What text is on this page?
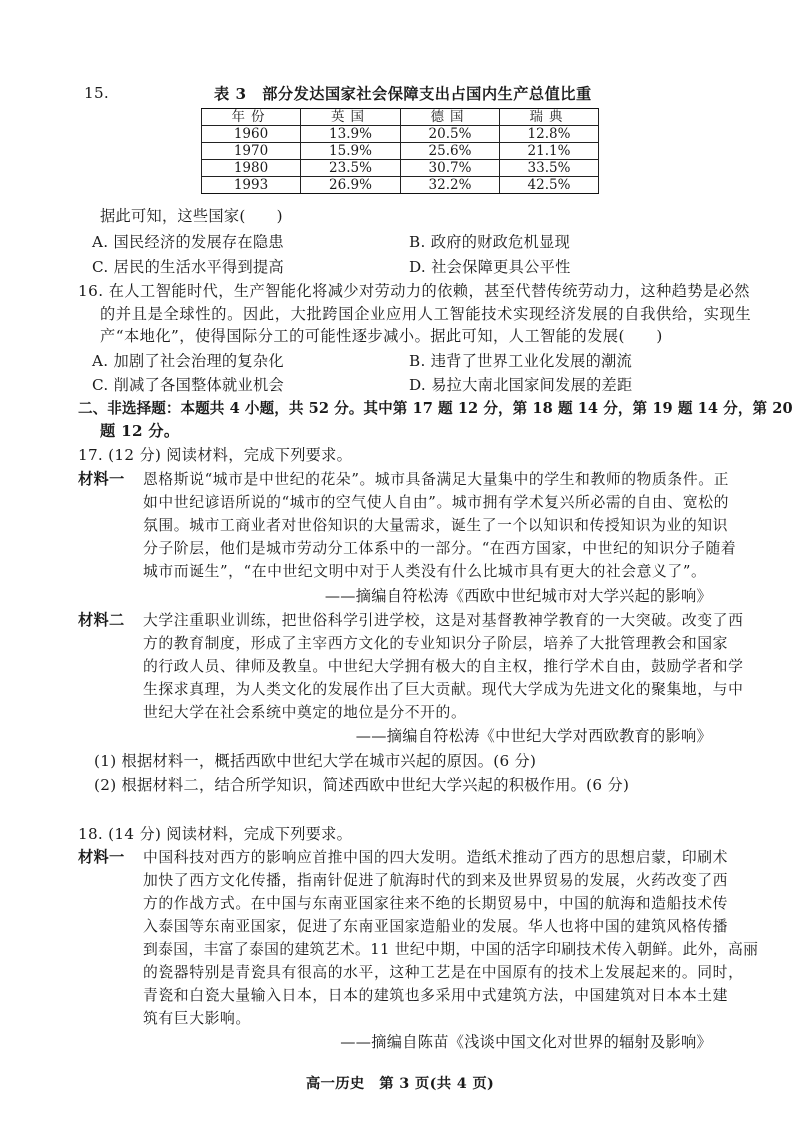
15.	表 3　部分发达国家社会保障支出占国内生产总值比重
年份	英国	德国	瑞典
1960	13.9%	20.5%	12.8%
1970	15.9%	25.6%	21.1%
1980	23.5%	30.7%	33.5%
1993	26.9%	32.2%	42.5%
据此可知，这些国家(　　)
A. 国民经济的发展存在隐患	B. 政府的财政危机显现
C. 居民的生活水平得到提高	D. 社会保障更具公平性
16. 在人工智能时代，生产智能化将减少对劳动力的依赖，甚至代替传统劳动力，这种趋势是必然
的并且是全球性的。因此，大批跨国企业应用人工智能技术实现经济发展的自我供给，实现生
产“本地化”，使得国际分工的可能性逐步减小。据此可知，人工智能的发展(　　)
A. 加剧了社会治理的复杂化	B. 违背了世界工业化发展的潮流
C. 削减了各国整体就业机会	D. 易拉大南北国家间发展的差距
二、非选择题：本题共 4 小题，共 52 分。其中第 17 题 12 分，第 18 题 14 分，第 19 题 14 分，第 20
题 12 分。
17. (12 分) 阅读材料，完成下列要求。
材料一 恩格斯说“城市是中世纪的花朵”。城市具备满足大量集中的学生和教师的物质条件。正
如中世纪谚语所说的“城市的空气使人自由”。城市拥有学术复兴所必需的自由、宽松的
氛围。城市工商业者对世俗知识的大量需求，诞生了一个以知识和传授知识为业的知识
分子阶层，他们是城市劳动分工体系中的一部分。“在西方国家，中世纪的知识分子随着
城市而诞生”，“在中世纪文明中对于人类没有什么比城市具有更大的社会意义了”。
——摘编自符松涛《西欧中世纪城市对大学兴起的影响》
材料二 大学注重职业训练，把世俗科学引进学校，这是对基督教神学教育的一大突破。改变了西
方的教育制度，形成了主宰西方文化的专业知识分子阶层，培养了大批管理教会和国家
的行政人员、律师及教皇。中世纪大学拥有极大的自主权，推行学术自由，鼓励学者和学
生探求真理，为人类文化的发展作出了巨大贡献。现代大学成为先进文化的聚集地，与中
世纪大学在社会系统中奠定的地位是分不开的。
——摘编自符松涛《中世纪大学对西欧教育的影响》
(1) 根据材料一，概括西欧中世纪大学在城市兴起的原因。(6 分)
(2) 根据材料二，结合所学知识，简述西欧中世纪大学兴起的积极作用。(6 分)
18. (14 分) 阅读材料，完成下列要求。
材料一 中国科技对西方的影响应首推中国的四大发明。造纸术推动了西方的思想启蒙，印刷术
加快了西方文化传播，指南针促进了航海时代的到来及世界贸易的发展，火药改变了西
方的作战方式。在中国与东南亚国家往来不绝的长期贸易中，中国的航海和造船技术传
入泰国等东南亚国家，促进了东南亚国家造船业的发展。华人也将中国的建筑风格传播
到泰国，丰富了泰国的建筑艺术。11 世纪中期，中国的活字印刷技术传入朝鲜。此外，高丽
的瓷器特别是青瓷具有很高的水平，这种工艺是在中国原有的技术上发展起来的。同时，
青瓷和白瓷大量输入日本，日本的建筑也多采用中式建筑方法，中国建筑对日本本土建
筑有巨大影响。
——摘编自陈苗《浅谈中国文化对世界的辐射及影响》
高一历史　第 3 页(共 4 页)
